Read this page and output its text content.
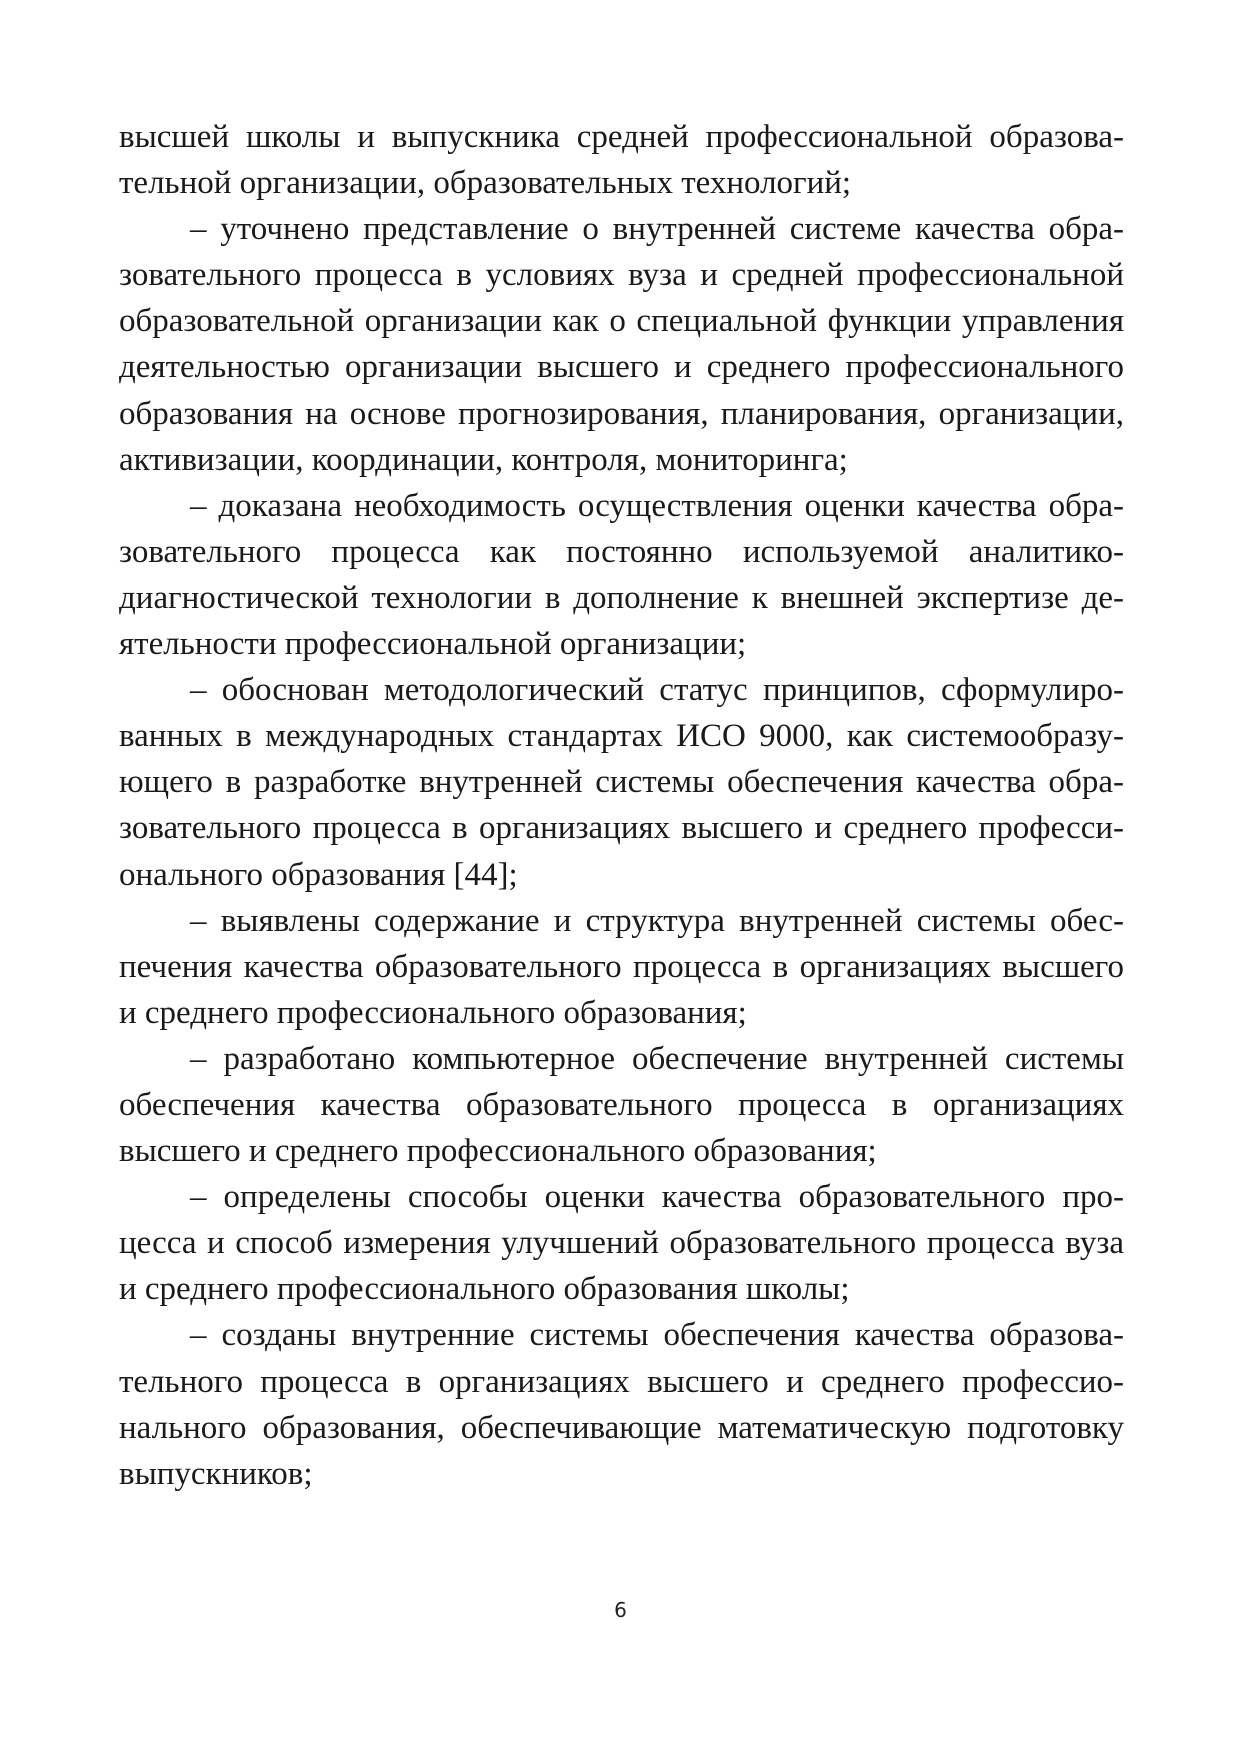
высшей школы и выпускника средней профессиональной образова-
тельной организации, образовательных технологий;
– уточнено представление о внутренней системе качества обра-
зовательного процесса в условиях вуза и средней профессиональной
образовательной организации как о специальной функции управления
деятельностью организации высшего и среднего профессионального
образования на основе прогнозирования, планирования, организации,
активизации, координации, контроля, мониторинга;
– доказана необходимость осуществления оценки качества обра-
зовательного процесса как постоянно используемой аналитико-
диагностической технологии в дополнение к внешней экспертизе де-
ятельности профессиональной организации;
– обоснован методологический статус принципов, сформулиро-
ванных в международных стандартах ИСО 9000, как системообразу-
ющего в разработке внутренней системы обеспечения качества обра-
зовательного процесса в организациях высшего и среднего професси-
онального образования [44];
– выявлены содержание и структура внутренней системы обес-
печения качества образовательного процесса в организациях высшего
и среднего профессионального образования;
– разработано компьютерное обеспечение внутренней системы
обеспечения качества образовательного процесса в организациях
высшего и среднего профессионального образования;
– определены способы оценки качества образовательного про-
цесса и способ измерения улучшений образовательного процесса вуза
и среднего профессионального образования школы;
– созданы внутренние системы обеспечения качества образова-
тельного процесса в организациях высшего и среднего профессио-
нального образования, обеспечивающие математическую подготовку
выпускников;
6
